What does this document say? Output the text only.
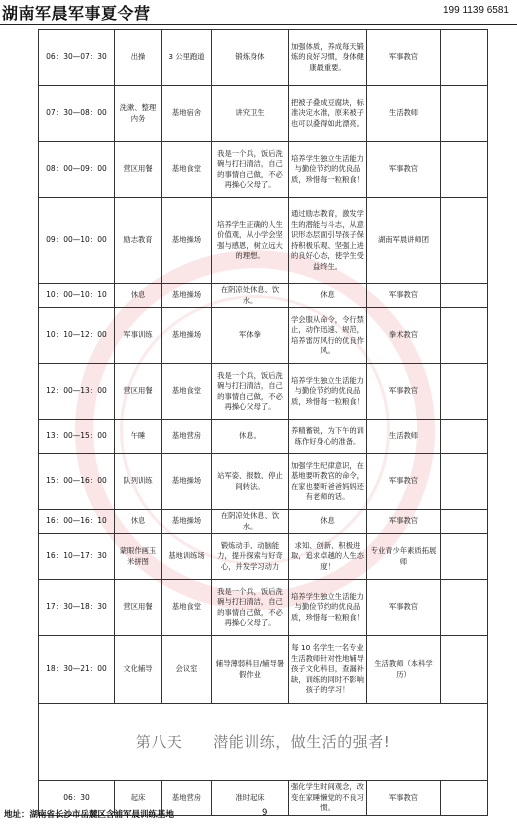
湖南军晨军事夏令营	199 1139 6581
06：30—07：30	出操	3 公里跑道	锻炼身体	加强体质，养成每天锻炼的良好习惯，身体健康最重要。	军事教官	
07：30—08：00	洗漱、整理内务	基地宿舍	讲究卫生	把被子叠成豆腐块，标准决定水准，原来被子也可以叠得如此漂亮。	生活教师	
08：00—09：00	营区用餐	基地食堂	我是一个兵，饭后洗碗与打扫清洁，自己的事情自己做，不必再操心父母了。	培养学生独立生活能力与勤俭节约的优良品质，珍惜每一粒粮食！	军事教官	
09：00—10：00	励志教育	基地操场	培养学生正确的人生价值观，从小学会坚强与感恩，树立远大的理想。	通过励志教育，激发学生的潜能与斗志，从意识形态层面引导孩子保持积极乐观、坚强上进的良好心态，使学生受益终生。	湖南军晨讲师团	
10：00—10：10	休息	基地操场	在阴凉处休息、饮水。	休息	军事教官	
10：10—12：00	军事训练	基地操场	军体拳	学会服从命令，令行禁止，动作迅速、规范，培养雷厉风行的优良作风。	拳术教官	
12：00—13：00	营区用餐	基地食堂	我是一个兵，饭后洗碗与打扫清洁，自己的事情自己做，不必再操心父母了。	培养学生独立生活能力与勤俭节约的优良品质，珍惜每一粒粮食！	军事教官	
13：00—15：00	午睡	基地营房	休息。	养精蓄锐，为下午的训练作好身心的准备。	生活教师	
15：00—16：00	队列训练	基地操场	站军姿、报数、停止间转法。	加强学生纪律意识，在基地要听教官的命令，在家也要听爸爸妈妈还有老师的话。	军事教官	
16：00—16：10	休息	基地操场	在阴凉处休息、饮水。	休息	军事教官	
16：10—17：30	蒙眼作画玉米拼图	基地训练场	锻炼动手、动脑能力，提升探索与好奇心，并发学习动力	求知、创新、积极进取，追求卓越的人生态度！	专业青少年素质拓展师	
17：30—18：30	营区用餐	基地食堂	我是一个兵，饭后洗碗与打扫清洁，自己的事情自己做，不必再操心父母了。	培养学生独立生活能力与勤俭节约的优良品质，珍惜每一粒粮食！	军事教官	
18：30—21：00	文化辅导	会议室	辅导薄弱科目/辅导暑假作业	每 10 名学生一名专业生活教师针对性地辅导孩子文化科目，查漏补缺，训练的同时不影响孩子的学习！	生活教师（本科学历）	
第八天　　潜能训练，做生活的强者!						
06：30	起床	基地营房	准时起床	强化学生时间观念，改变在家睡懒觉的不良习惯。	军事教官	
地址：湖南省长沙市岳麓区含浦军晨训练基地	9
